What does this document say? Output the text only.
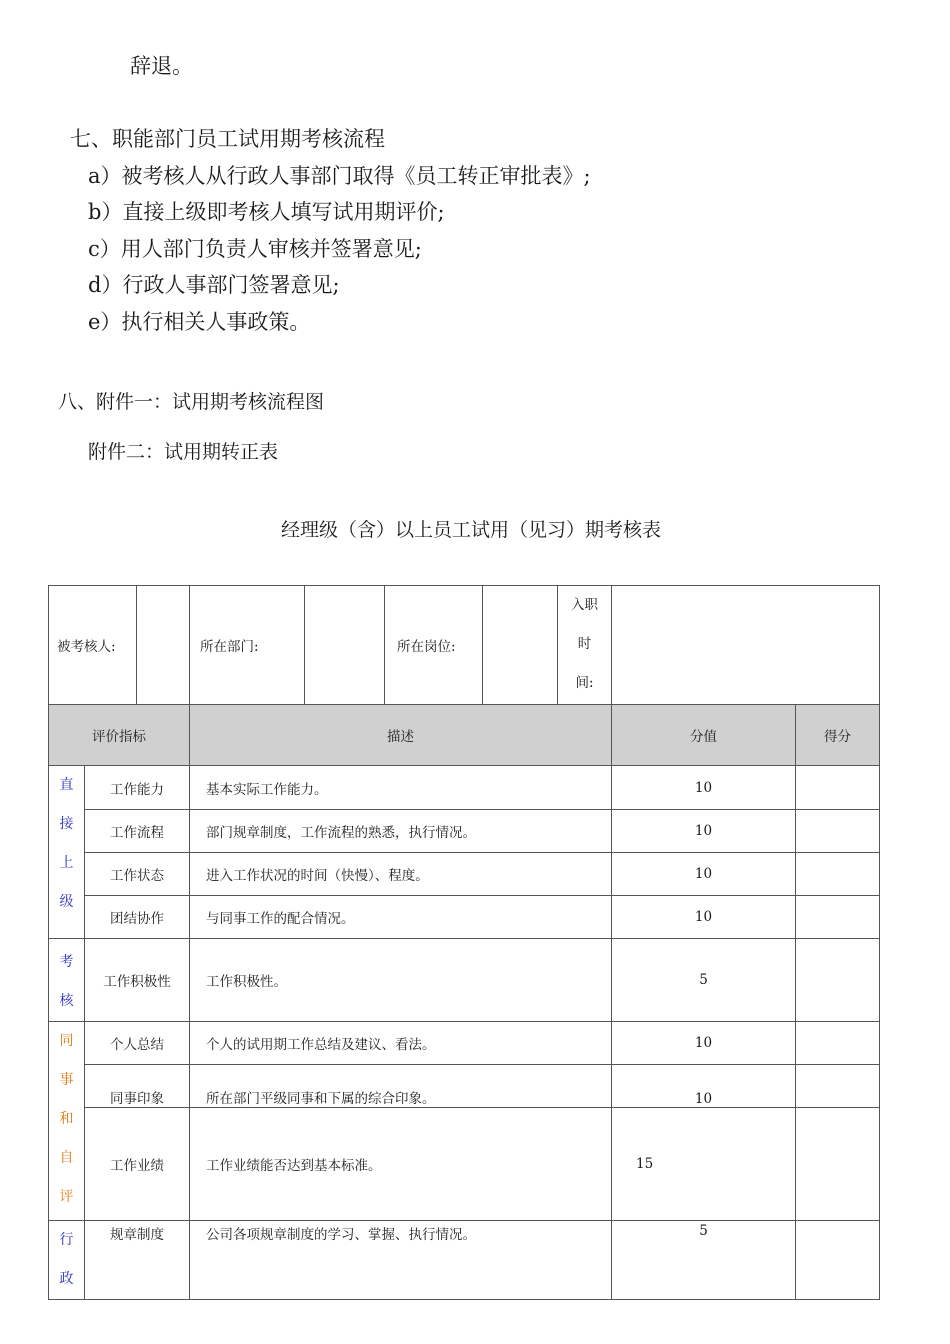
辞退。
七、职能部门员工试用期考核流程
a）被考核人从行政人事部门取得《员工转正审批表》;
b）直接上级即考核人填写试用期评价;
c）用人部门负责人审核并签署意见;
d）行政人事部门签署意见;
e）执行相关人事政策。
八、附件一：试用期考核流程图
附件二：试用期转正表
经理级（含）以上员工试用（见习）期考核表
被考核人:			所在部门:		所在岗位:		入职
时
间:		

评价指标			描述					分值	得分

直
接
上
级	工作能力		基本实际工作能力。					10	
	工作流程		部门规章制度，工作流程的熟悉，执行情况。					10	
	工作状态		进入工作状况的时间（快慢）、程度。					10	
	团结协作		与同事工作的配合情况。					10	

考
核	工作积极性		工作积极性。					5	

同
事
和
自
评	个人总结		个人的试用期工作总结及建议、看法。					10	
	同事印象		所在部门平级同事和下属的综合印象。					10	
	工作业绩		工作业绩能否达到基本标准。					15	

行
政	规章制度		公司各项规章制度的学习、掌握、执行情况。					5	
